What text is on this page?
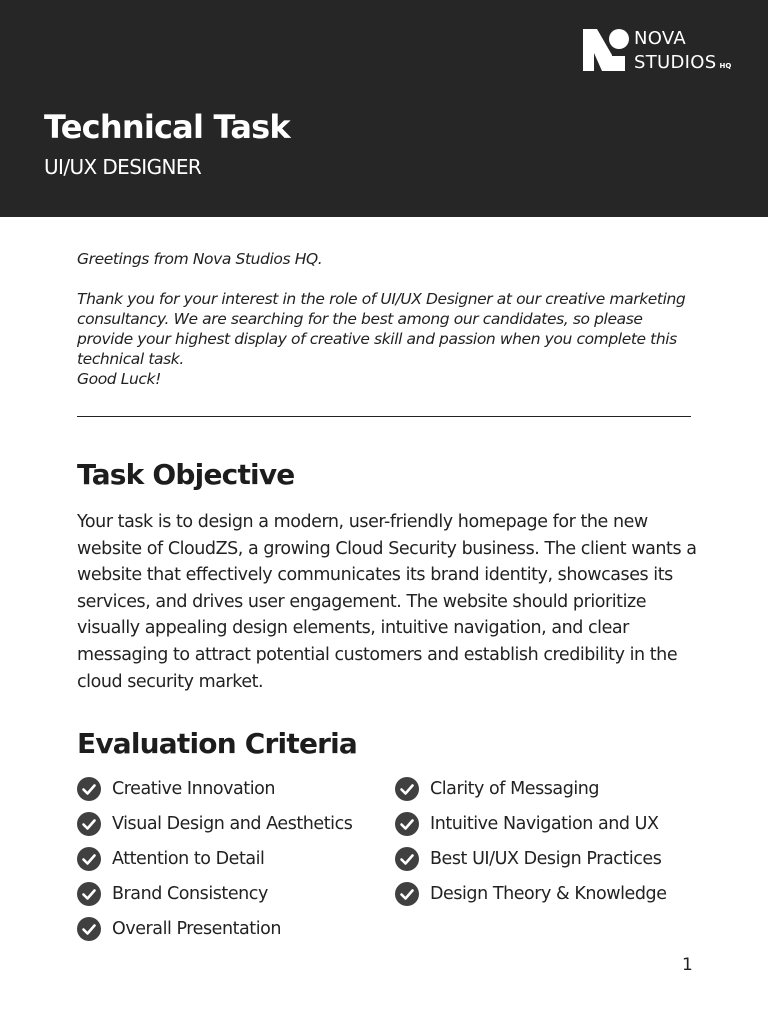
NOVA
STUDIOS HQ
Technical Task

UI/UX DESIGNER

Greetings from Nova Studios HQ.

Thank you for your interest in the role of UI/UX Designer at our creative marketing consultancy. We are searching for the best among our candidates, so please provide your highest display of creative skill and passion when you complete this technical task.

Good Luck!

Task Objective

Your task is to design a modern, user-friendly homepage for the new website of CloudZS, a growing Cloud Security business. The client wants a website that effectively communicates its brand identity, showcases its services, and drives user engagement. The website should prioritize visually appealing design elements, intuitive navigation, and clear messaging to attract potential customers and establish credibility in the cloud security market.

Evaluation Criteria
Creative Innovation
Visual Design and Aesthetics
Attention to Detail
Brand Consistency
Overall Presentation
Clarity of Messaging
Intuitive Navigation and UX
Best UI/UX Design Practices
Design Theory & Knowledge
1
